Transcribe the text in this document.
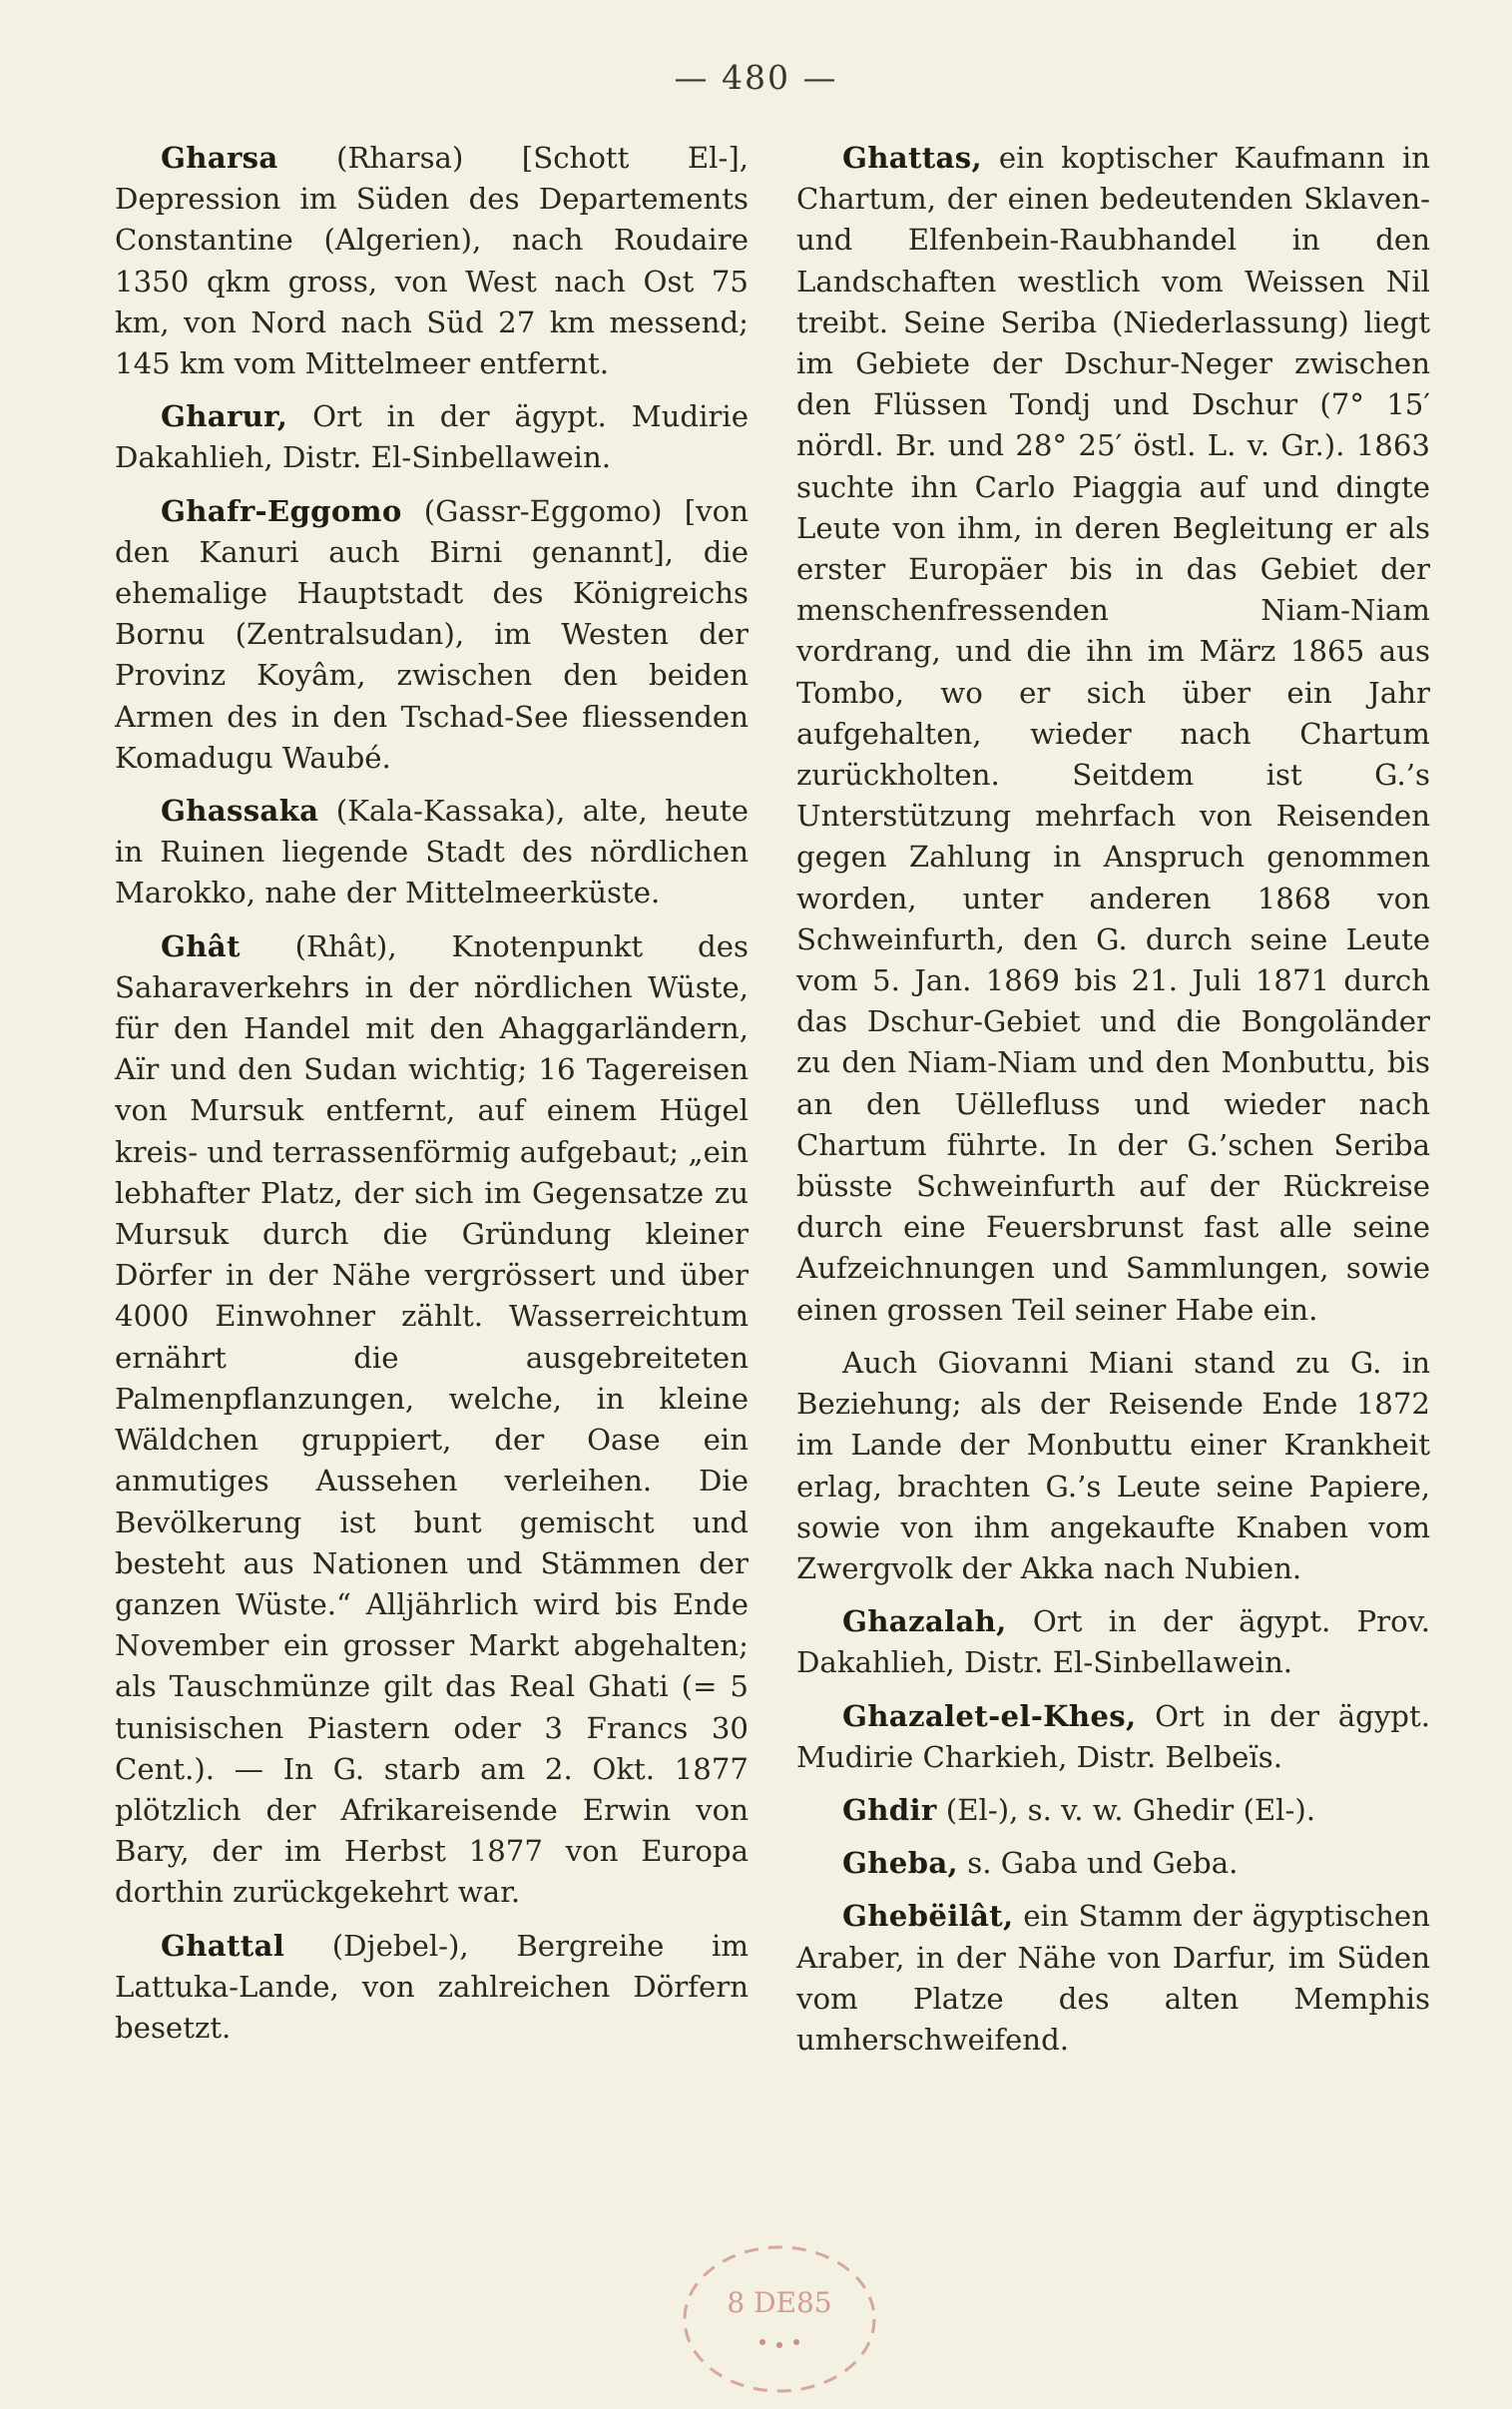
— 480 —

Gharsa (Rharsa) [Schott El-], Depression im Süden des Departements Constantine (Algerien), nach Roudaire 1350 qkm gross, von West nach Ost 75 km, von Nord nach Süd 27 km messend; 145 km vom Mittelmeer entfernt.

Gharur, Ort in der ägypt. Mudirie Dakahlieh, Distr. El-Sinbellawein.

Ghafr-Eggomo (Gassr-Eggomo) [von den Kanuri auch Birni genannt], die ehemalige Hauptstadt des Königreichs Bornu (Zentralsudan), im Westen der Provinz Koyâm, zwischen den beiden Armen des in den Tschad-See fliessenden Komadugu Waubé.

Ghassaka (Kala-Kassaka), alte, heute in Ruinen liegende Stadt des nördlichen Marokko, nahe der Mittelmeerküste.

Ghât (Rhât), Knotenpunkt des Saharaverkehrs in der nördlichen Wüste, für den Handel mit den Ahaggarländern, Aïr und den Sudan wichtig; 16 Tagereisen von Mursuk entfernt, auf einem Hügel kreis- und terrassenförmig aufgebaut; „ein lebhafter Platz, der sich im Gegensatze zu Mursuk durch die Gründung kleiner Dörfer in der Nähe vergrössert und über 4000 Einwohner zählt. Wasserreichtum ernährt die ausgebreiteten Palmenpflanzungen, welche, in kleine Wäldchen gruppiert, der Oase ein anmutiges Aussehen verleihen. Die Bevölkerung ist bunt gemischt und besteht aus Nationen und Stämmen der ganzen Wüste.“ Alljährlich wird bis Ende November ein grosser Markt abgehalten; als Tauschmünze gilt das Real Ghati (= 5 tunisischen Piastern oder 3 Francs 30 Cent.). — In G. starb am 2. Okt. 1877 plötzlich der Afrikareisende Erwin von Bary, der im Herbst 1877 von Europa dorthin zurückgekehrt war.

Ghattal (Djebel-), Bergreihe im Lattuka-Lande, von zahlreichen Dörfern besetzt.

Ghattas, ein koptischer Kaufmann in Chartum, der einen bedeutenden Sklaven- und Elfenbein-Raubhandel in den Landschaften westlich vom Weissen Nil treibt. Seine Seriba (Niederlassung) liegt im Gebiete der Dschur-Neger zwischen den Flüssen Tondj und Dschur (7° 15′ nördl. Br. und 28° 25′ östl. L. v. Gr.). 1863 suchte ihn Carlo Piaggia auf und dingte Leute von ihm, in deren Begleitung er als erster Europäer bis in das Gebiet der menschenfressenden Niam-Niam vordrang, und die ihn im März 1865 aus Tombo, wo er sich über ein Jahr aufgehalten, wieder nach Chartum zurückholten. Seitdem ist G.’s Unterstützung mehrfach von Reisenden gegen Zahlung in Anspruch genommen worden, unter anderen 1868 von Schweinfurth, den G. durch seine Leute vom 5. Jan. 1869 bis 21. Juli 1871 durch das Dschur-Gebiet und die Bongoländer zu den Niam-Niam und den Monbuttu, bis an den Uëllefluss und wieder nach Chartum führte. In der G.’schen Seriba büsste Schweinfurth auf der Rückreise durch eine Feuersbrunst fast alle seine Aufzeichnungen und Sammlungen, sowie einen grossen Teil seiner Habe ein.

Auch Giovanni Miani stand zu G. in Beziehung; als der Reisende Ende 1872 im Lande der Monbuttu einer Krankheit erlag, brachten G.’s Leute seine Papiere, sowie von ihm angekaufte Knaben vom Zwergvolk der Akka nach Nubien.

Ghazalah, Ort in der ägypt. Prov. Dakahlieh, Distr. El-Sinbellawein.

Ghazalet-el-Khes, Ort in der ägypt. Mudirie Charkieh, Distr. Belbeïs.

Ghdir (El-), s. v. w. Ghedir (El-).

Gheba, s. Gaba und Geba.

Ghebëilât, ein Stamm der ägyptischen Araber, in der Nähe von Darfur, im Süden vom Platze des alten Memphis umherschweifend.

8 DE85
